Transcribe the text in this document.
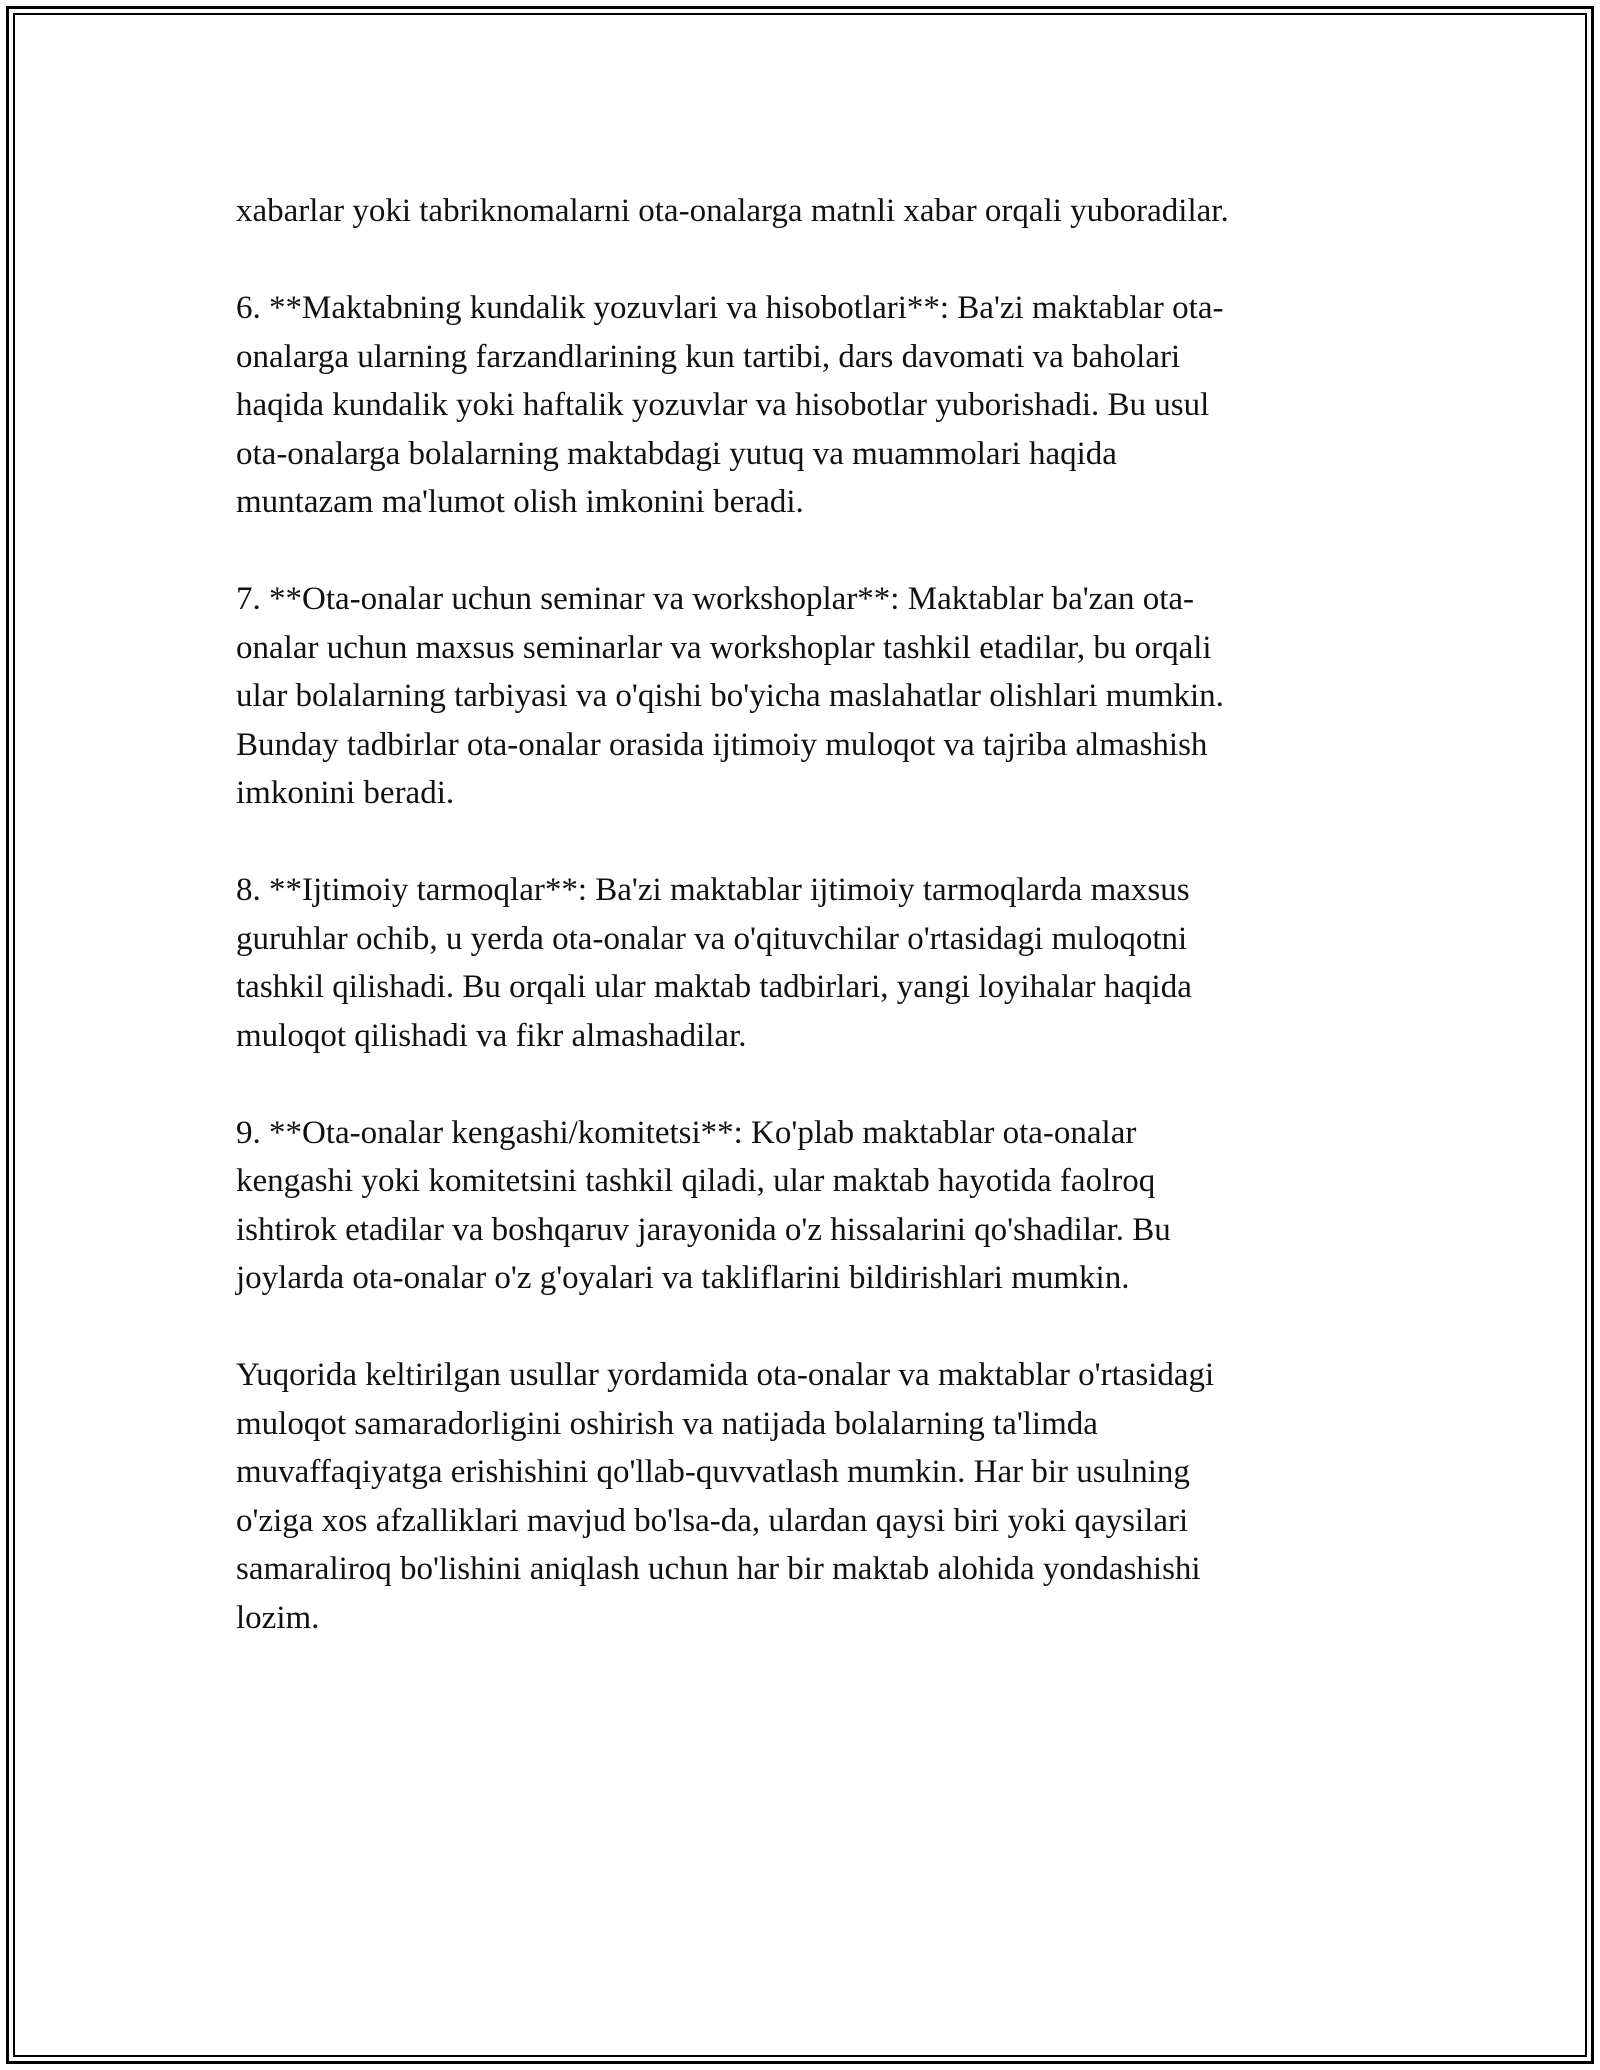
xabarlar yoki tabriknomalarni ota-onalarga matnli xabar orqali yuboradilar.

6. **Maktabning kundalik yozuvlari va hisobotlari**: Ba'zi maktablar ota-
onalarga ularning farzandlarining kun tartibi, dars davomati va baholari
haqida kundalik yoki haftalik yozuvlar va hisobotlar yuborishadi. Bu usul
ota-onalarga bolalarning maktabdagi yutuq va muammolari haqida
muntazam ma'lumot olish imkonini beradi.

7. **Ota-onalar uchun seminar va workshoplar**: Maktablar ba'zan ota-
onalar uchun maxsus seminarlar va workshoplar tashkil etadilar, bu orqali
ular bolalarning tarbiyasi va o'qishi bo'yicha maslahatlar olishlari mumkin.
Bunday tadbirlar ota-onalar orasida ijtimoiy muloqot va tajriba almashish
imkonini beradi.

8. **Ijtimoiy tarmoqlar**: Ba'zi maktablar ijtimoiy tarmoqlarda maxsus
guruhlar ochib, u yerda ota-onalar va o'qituvchilar o'rtasidagi muloqotni
tashkil qilishadi. Bu orqali ular maktab tadbirlari, yangi loyihalar haqida
muloqot qilishadi va fikr almashadilar.

9. **Ota-onalar kengashi/komitetsi**: Ko'plab maktablar ota-onalar
kengashi yoki komitetsini tashkil qiladi, ular maktab hayotida faolroq
ishtirok etadilar va boshqaruv jarayonida o'z hissalarini qo'shadilar. Bu
joylarda ota-onalar o'z g'oyalari va takliflarini bildirishlari mumkin.

Yuqorida keltirilgan usullar yordamida ota-onalar va maktablar o'rtasidagi
muloqot samaradorligini oshirish va natijada bolalarning ta'limda
muvaffaqiyatga erishishini qo'llab-quvvatlash mumkin. Har bir usulning
o'ziga xos afzalliklari mavjud bo'lsa-da, ulardan qaysi biri yoki qaysilari
samaraliroq bo'lishini aniqlash uchun har bir maktab alohida yondashishi
lozim.
